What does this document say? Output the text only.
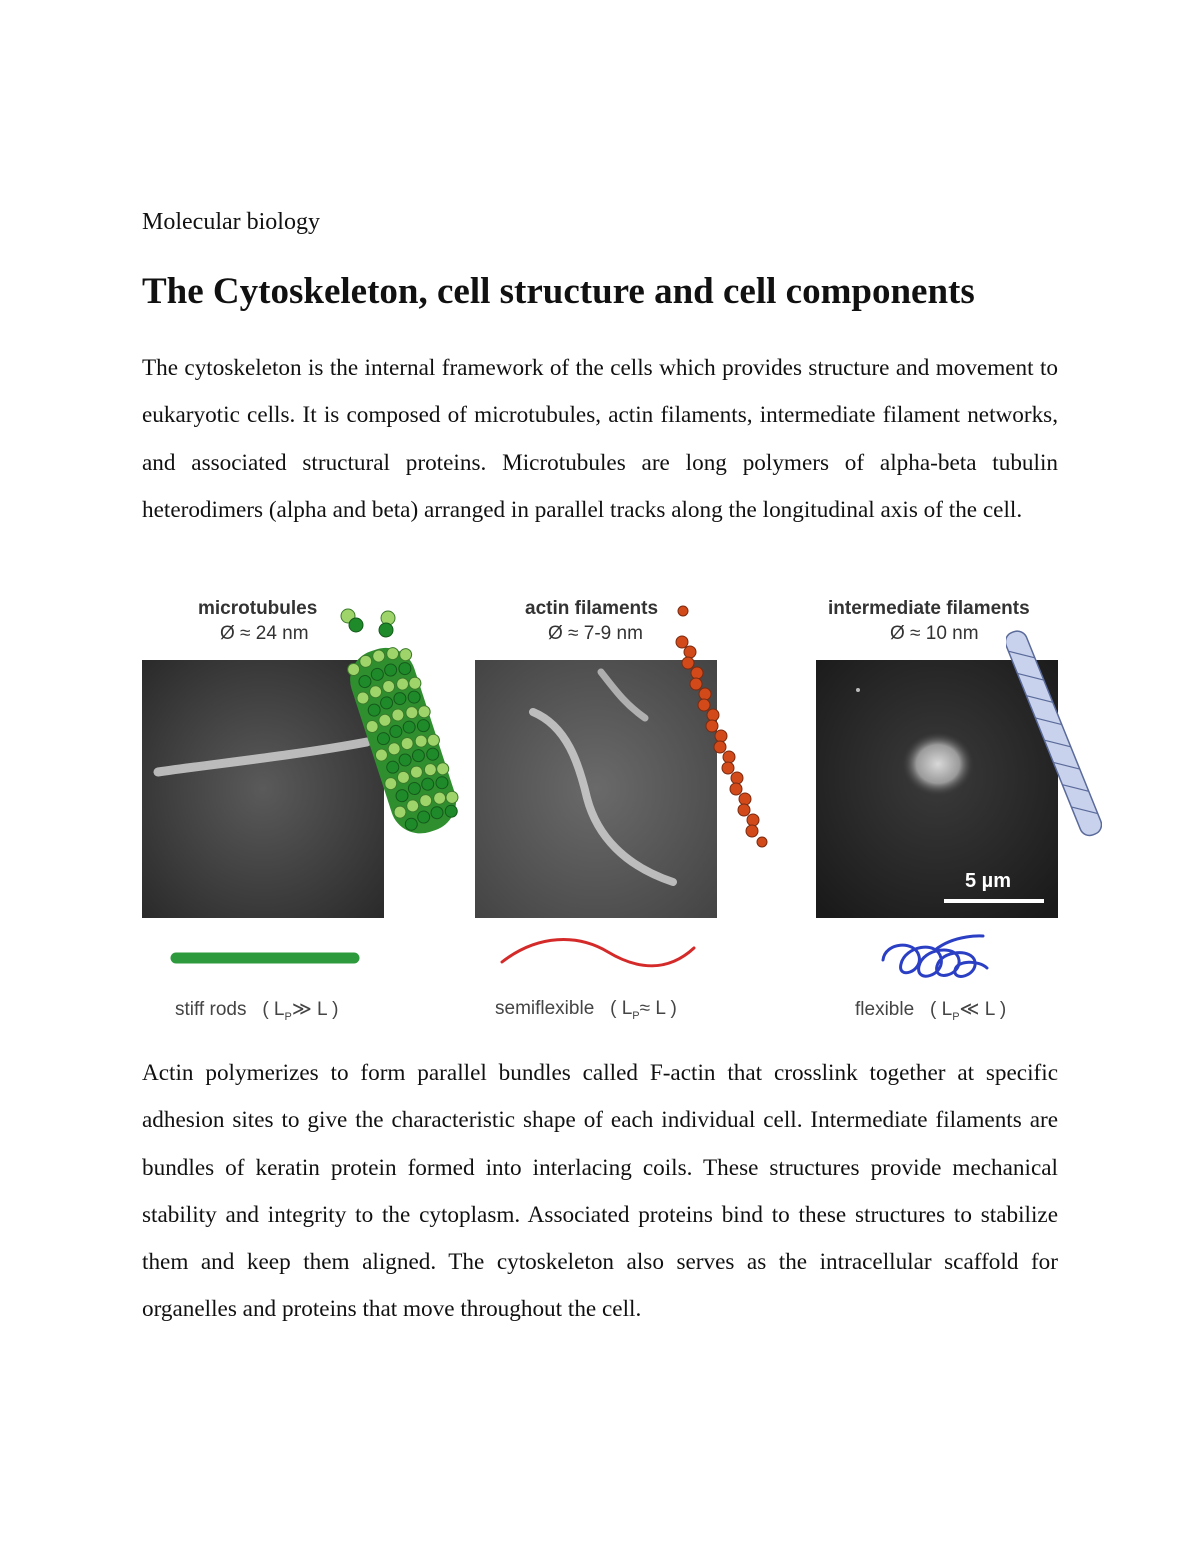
Molecular biology
The Cytoskeleton, cell structure and cell components

The cytoskeleton is the internal framework of the cells which provides structure and movement to eukaryotic cells. It is composed of microtubules, actin filaments, intermediate filament networks, and associated structural proteins. Microtubules are long polymers of alpha-beta tubulin heterodimers (alpha and beta) arranged in parallel tracks along the longitudinal axis of the cell.

microtubules
Ø ≈ 24 nm
stiff rods ( $L_P≫$ L )
actin filaments
Ø ≈ 7-9 nm
semiflexible ( $L_P\approx L$ )
intermediate filaments
Ø ≈ 10 nm
5 µm
flexible ( $L_P≪$ L )

Actin polymerizes to form parallel bundles called F-actin that crosslink together at specific adhesion sites to give the characteristic shape of each individual cell. Intermediate filaments are bundles of keratin protein formed into interlacing coils. These structures provide mechanical stability and integrity to the cytoplasm. Associated proteins bind to these structures to stabilize them and keep them aligned. The cytoskeleton also serves as the intracellular scaffold for organelles and proteins that move throughout the cell.
